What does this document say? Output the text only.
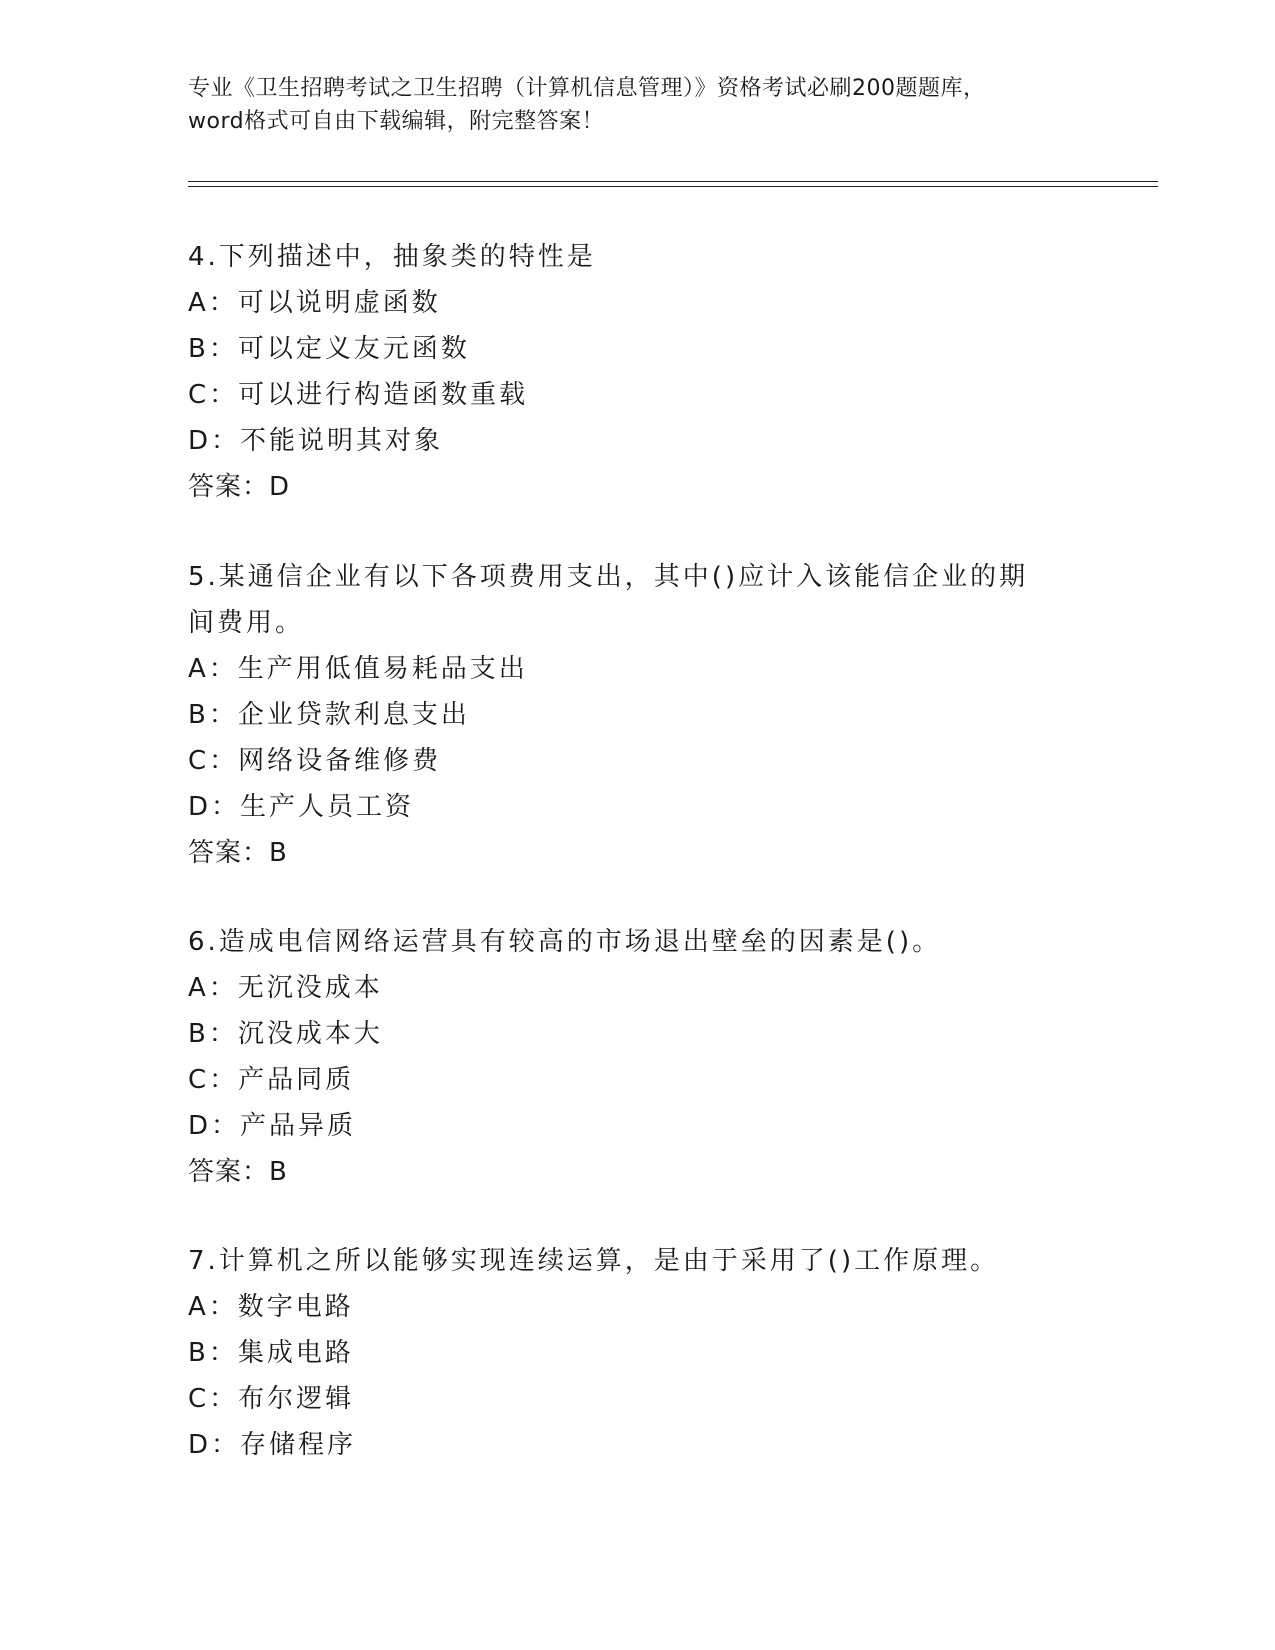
专业《卫生招聘考试之卫生招聘（计算机信息管理）》资格考试必刷200题题库，
word格式可自由下载编辑，附完整答案！
4.下列描述中，抽象类的特性是
A：可以说明虚函数
B：可以定义友元函数
C：可以进行构造函数重载
D：不能说明其对象
答案：D
5.某通信企业有以下各项费用支出，其中()应计入该能信企业的期间费用。
A：生产用低值易耗品支出
B：企业贷款利息支出
C：网络设备维修费
D：生产人员工资
答案：B
6.造成电信网络运营具有较高的市场退出壁垒的因素是()。
A：无沉没成本
B：沉没成本大
C：产品同质
D：产品异质
答案：B
7.计算机之所以能够实现连续运算，是由于采用了()工作原理。
A：数字电路
B：集成电路
C：布尔逻辑
D：存储程序
